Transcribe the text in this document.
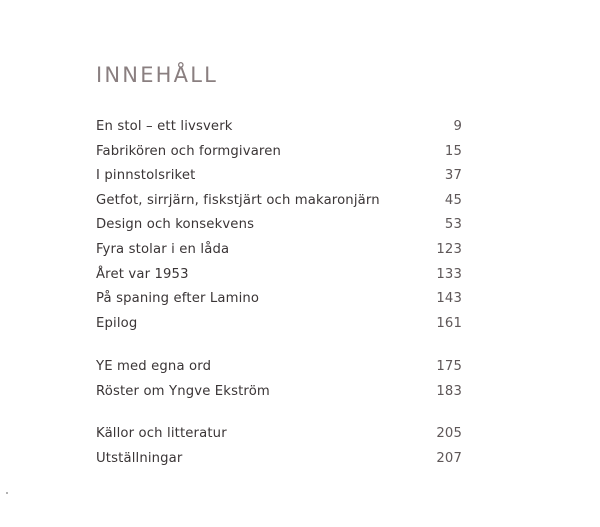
INNEHÅLL
En stol – ett livsverk	9
Fabrikören och formgivaren	15
I pinnstolsriket	37
Getfot, sirrjärn, fiskstjärt och makaronjärn	45
Design och konsekvens	53
Fyra stolar i en låda	123
Året var 1953	133
På spaning efter Lamino	143
Epilog	161
YE med egna ord	175
Röster om Yngve Ekström	183
Källor och litteratur	205
Utställningar	207
